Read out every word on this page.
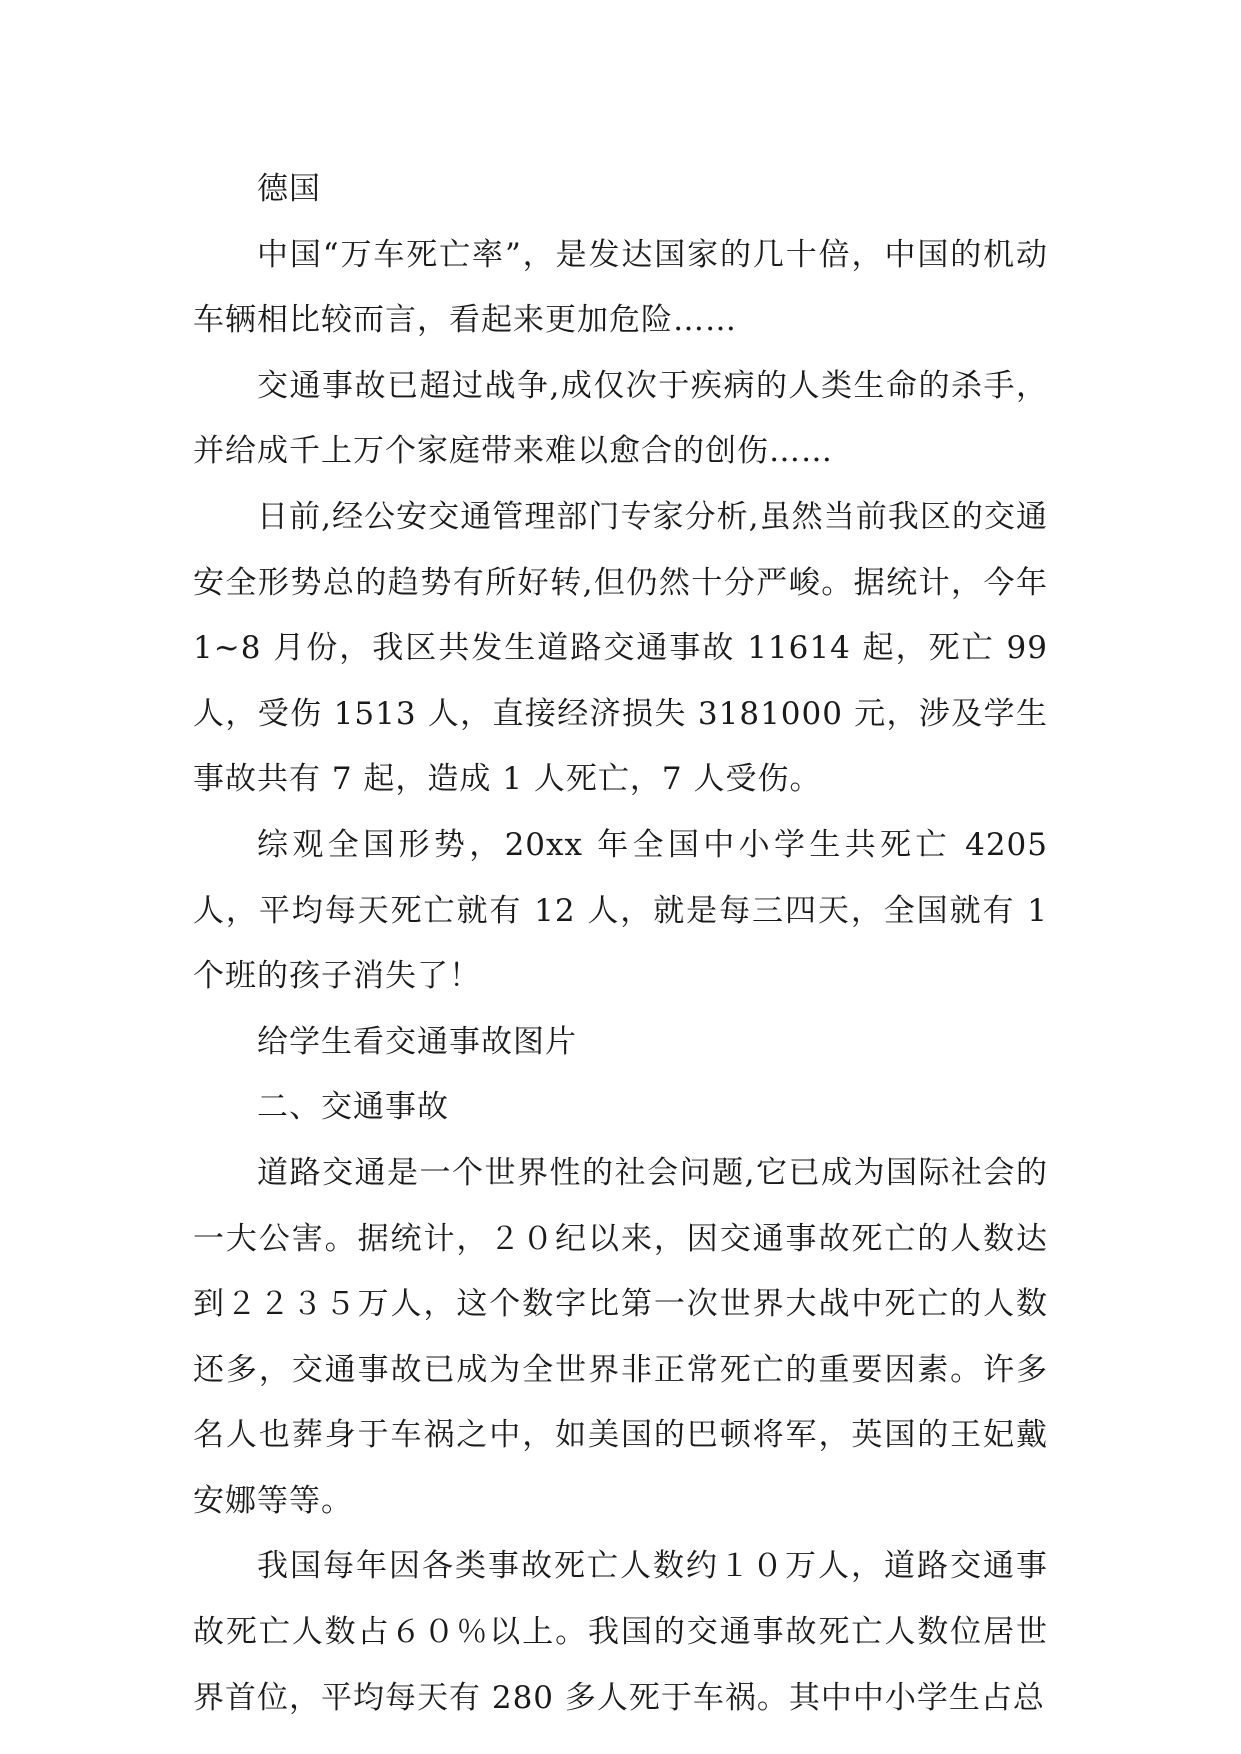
德国

中国“万车死亡率”，是发达国家的几十倍，中国的机动车辆相比较而言，看起来更加危险……

交通事故已超过战争,成仅次于疾病的人类生命的杀手，并给成千上万个家庭带来难以愈合的创伤……

日前,经公安交通管理部门专家分析,虽然当前我区的交通安全形势总的趋势有所好转,但仍然十分严峻。据统计，今年 1~8 月份，我区共发生道路交通事故 11614 起，死亡 99 人，受伤 1513 人，直接经济损失 3181000 元，涉及学生事故共有 7 起，造成 1 人死亡，7 人受伤。

综观全国形势，20xx 年全国中小学生共死亡 4205 人，平均每天死亡就有 12 人，就是每三四天，全国就有 1 个班的孩子消失了！

给学生看交通事故图片

二、交通事故

道路交通是一个世界性的社会问题,它已成为国际社会的一大公害。据统计，２０纪以来，因交通事故死亡的人数达到２２３５万人，这个数字比第一次世界大战中死亡的人数还多，交通事故已成为全世界非正常死亡的重要因素。许多名人也葬身于车祸之中，如美国的巴顿将军，英国的王妃戴安娜等等。

我国每年因各类事故死亡人数约１０万人，道路交通事故死亡人数占６０％以上。我国的交通事故死亡人数位居世界首位，平均每天有 280 多人死于车祸。其中中小学生占总
